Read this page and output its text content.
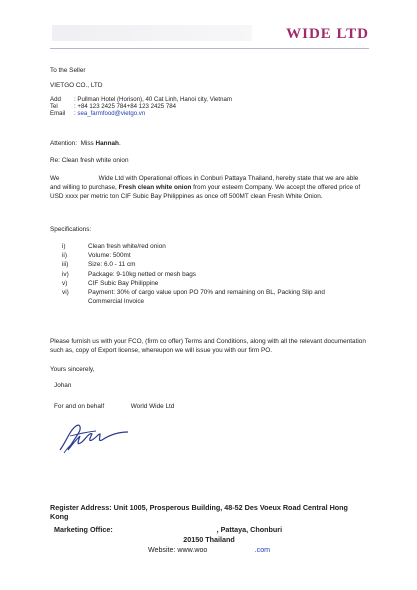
WIDE LTD
To the Seller
VIETGO CO., LTD
Add : Pullman Hotel (Horison), 40 Cat Linh, Hanoi city, Vietnam
Tel	: +84 123 2425 784+84 123 2425 784
Email : sea_farmfood@vietgo.vn
Attention: Miss Hannah.
Re: Clean fresh white onion
We	Wide Ltd with Operational offices in Conburi Pattaya Thailand, hereby state that we are able and willing to purchase, Fresh clean white onion from your esteem Company. We accept the offered price of USD xxxx per metric ton CIF Subic Bay Philippines as once off 500MT clean Fresh White Onion.
Specifications:
i)	Clean fresh white/red onion
ii)	Volume: 500mt
iii)	Size: 6.0 - 11 cm
iv)	Package: 9-10kg netted or mesh bags
v)	CIF Subic Bay Philippine
vi)	Payment: 30% of cargo value upon PO 70% and remaining on BL, Packing Slip and Commercial Invoice
Please furnish us with your FCO, (firm co offer) Terms and Conditions, along with all the relevant documentation such as, copy of Export license, whereupon we will issue you with our firm PO.
Yours sincerely,
Johan
For and on behalf	World Wide Ltd
Register Address: Unit 1005, Prosperous Building, 48-52 Des Voeux Road Central Hong Kong
Marketing Office:	, Pattaya, Chonburi
20150 Thailand
Website: www.woo	.com
